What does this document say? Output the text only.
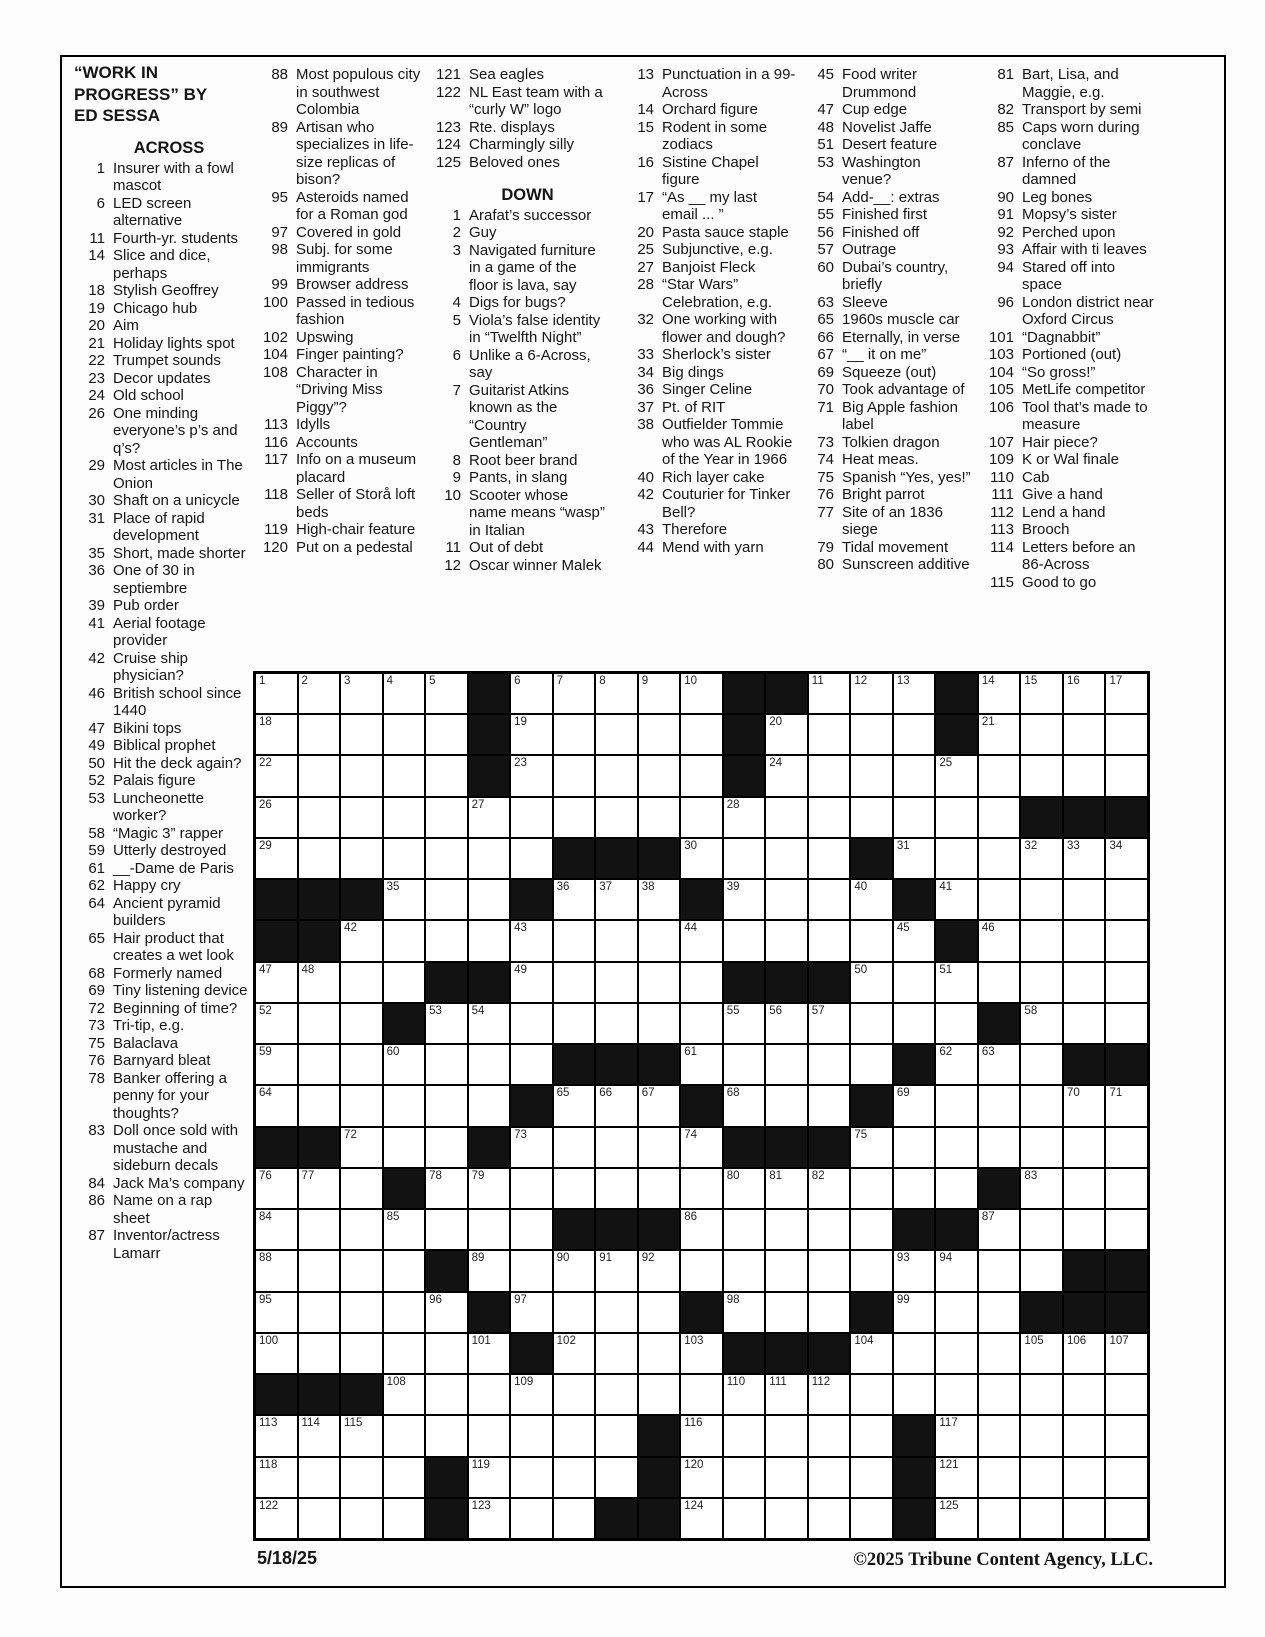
“WORK IN PROGRESS” BY ED SESSA
ACROSS
1 Insurer with a fowl mascot
6 LED screen alternative
11 Fourth-yr. students
14 Slice and dice, perhaps
18 Stylish Geoffrey
19 Chicago hub
20 Aim
21 Holiday lights spot
22 Trumpet sounds
23 Decor updates
24 Old school
26 One minding everyone’s p’s and q’s?
29 Most articles in The Onion
30 Shaft on a unicycle
31 Place of rapid development
35 Short, made shorter
36 One of 30 in septiembre
39 Pub order
41 Aerial footage provider
42 Cruise ship physician?
46 British school since 1440
47 Bikini tops
49 Biblical prophet
50 Hit the deck again?
52 Palais figure
53 Luncheonette worker?
58 “Magic 3” rapper
59 Utterly destroyed
61 __-Dame de Paris
62 Happy cry
64 Ancient pyramid builders
65 Hair product that creates a wet look
68 Formerly named
69 Tiny listening device
72 Beginning of time?
73 Tri-tip, e.g.
75 Balaclava
76 Barnyard bleat
78 Banker offering a penny for your thoughts?
83 Doll once sold with mustache and sideburn decals
84 Jack Ma’s company
86 Name on a rap sheet
87 Inventor/actress Lamarr
88 Most populous city in southwest Colombia
89 Artisan who specializes in life-size replicas of bison?
95 Asteroids named for a Roman god
97 Covered in gold
98 Subj. for some immigrants
99 Browser address
100 Passed in tedious fashion
102 Upswing
104 Finger painting?
108 Character in “Driving Miss Piggy”?
113 Idylls
116 Accounts
117 Info on a museum placard
118 Seller of Storå loft beds
119 High-chair feature
120 Put on a pedestal
121 Sea eagles
122 NL East team with a “curly W” logo
123 Rte. displays
124 Charmingly silly
125 Beloved ones
DOWN
1 Arafat’s successor
2 Guy
3 Navigated furniture in a game of the floor is lava, say
4 Digs for bugs?
5 Viola’s false identity in “Twelfth Night”
6 Unlike a 6-Across, say
7 Guitarist Atkins known as the “Country Gentleman”
8 Root beer brand
9 Pants, in slang
10 Scooter whose name means “wasp” in Italian
11 Out of debt
12 Oscar winner Malek
13 Punctuation in a 99-Across
14 Orchard figure
15 Rodent in some zodiacs
16 Sistine Chapel figure
17 “As __ my last email ... ”
20 Pasta sauce staple
25 Subjunctive, e.g.
27 Banjoist Fleck
28 “Star Wars” Celebration, e.g.
32 One working with flower and dough?
33 Sherlock’s sister
34 Big dings
36 Singer Celine
37 Pt. of RIT
38 Outfielder Tommie who was AL Rookie of the Year in 1966
40 Rich layer cake
42 Couturier for Tinker Bell?
43 Therefore
44 Mend with yarn
45 Food writer Drummond
47 Cup edge
48 Novelist Jaffe
51 Desert feature
53 Washington venue?
54 Add-__: extras
55 Finished first
56 Finished off
57 Outrage
60 Dubai’s country, briefly
63 Sleeve
65 1960s muscle car
66 Eternally, in verse
67 “__ it on me”
69 Squeeze (out)
70 Took advantage of
71 Big Apple fashion label
73 Tolkien dragon
74 Heat meas.
75 Spanish “Yes, yes!”
76 Bright parrot
77 Site of an 1836 siege
79 Tidal movement
80 Sunscreen additive
81 Bart, Lisa, and Maggie, e.g.
82 Transport by semi
85 Caps worn during conclave
87 Inferno of the damned
90 Leg bones
91 Mopsy’s sister
92 Perched upon
93 Affair with ti leaves
94 Stared off into space
96 London district near Oxford Circus
101 “Dagnabbit”
103 Portioned (out)
104 “So gross!”
105 MetLife competitor
106 Tool that’s made to measure
107 Hair piece?
109 K or Wal finale
110 Cab
111 Give a hand
112 Lend a hand
113 Brooch
114 Letters before an 86-Across
115 Good to go
1	2	3	4	5	6	7	8	9	10	11	12	13	14	15	16	17
18	19	20	21
22	23	24	25
26	27	28
29	30	31	32	33	34
35	36	37	38	39	40	41
42	43	44	45	46
47	48	49	50	51
52	53	54	55	56	57	58
59	60	61	62	63
64	65	66	67	68	69	70	71
72	73	74	75
76	77	78	79	80	81	82	83
84	85	86	87
88	89	90	91	92	93	94
95	96	97	98	99
100	101	102	103	104	105 106 107
108	109	110 111 112
113 114 115	116	117
118	119	120	121
122	123	124	125
5/18/25	©2025 Tribune Content Agency, LLC.
